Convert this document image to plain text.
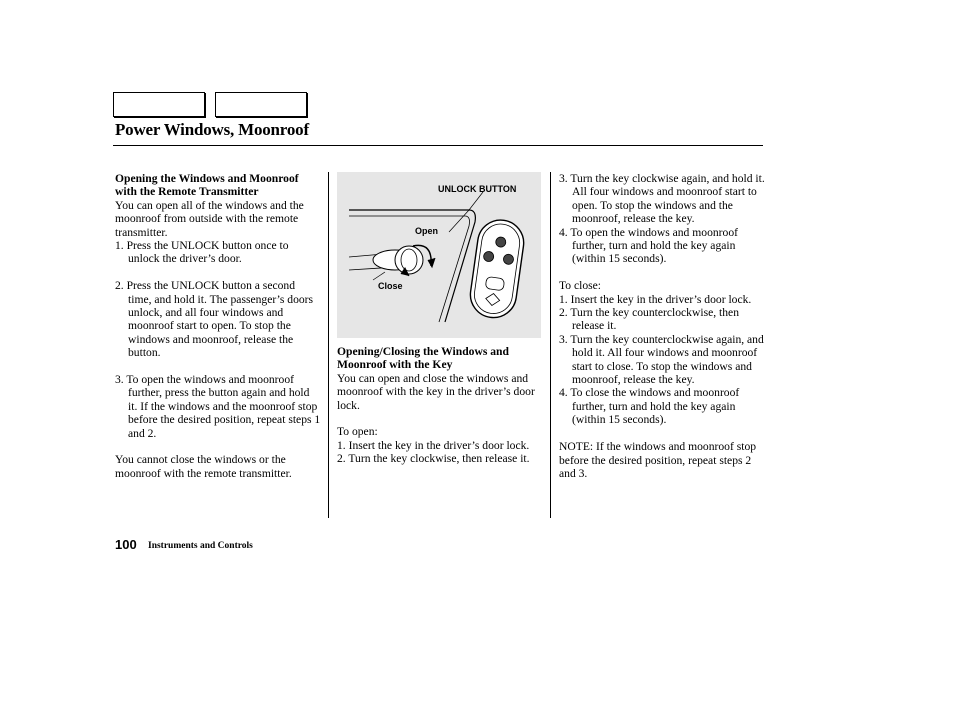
Power Windows, Moonroof

Opening the Windows and Moonroof with the Remote Transmitter

You can open all of the windows and the moonroof from outside with the remote transmitter.

1. Press the UNLOCK button once to unlock the driver’s door.

2. Press the UNLOCK button a second time, and hold it. The passenger’s doors unlock, and all four windows and moonroof start to open. To stop the windows and moonroof, release the button.

3. To open the windows and moonroof further, press the button again and hold it. If the windows and the moonroof stop before the desired position, repeat steps 1 and 2.

You cannot close the windows or the moonroof with the remote transmitter.

UNLOCK BUTTON
Open
Close

Opening/Closing the Windows and Moonroof with the Key

You can open and close the windows and moonroof with the key in the driver’s door lock.

To open:

1. Insert the key in the driver’s door lock.

2. Turn the key clockwise, then release it.

3. Turn the key clockwise again, and hold it. All four windows and moonroof start to open. To stop the windows and the moonroof, release the key.

4. To open the windows and moonroof further, turn and hold the key again (within 15 seconds).

To close:

1. Insert the key in the driver’s door lock.

2. Turn the key counterclockwise, then release it.

3. Turn the key counterclockwise again, and hold it. All four windows and moonroof start to close. To stop the windows and moonroof, release the key.

4. To close the windows and moonroof further, turn and hold the key again (within 15 seconds).

NOTE: If the windows and moonroof stop before the desired position, repeat steps 2 and 3.

100 Instruments and Controls
